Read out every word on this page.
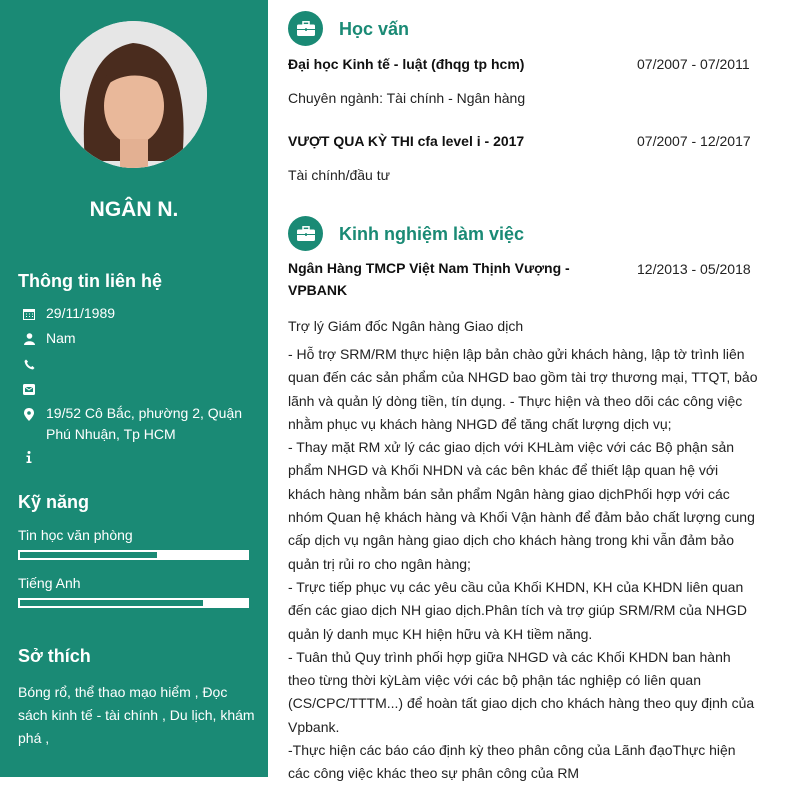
NGÂN N.
Thông tin liên hệ
29/11/1989
Nam
19/52 Cô Bắc, phường 2, Quận Phú Nhuận, Tp HCM
Kỹ năng
Tin học văn phòng
Tiếng Anh
Sở thích
Bóng rổ, thể thao mạo hiểm , Đọc sách kinh tế - tài chính , Du lịch, khám phá ,
Học vấn
Đại học Kinh tế - luật (đhqg tp hcm)	07/2007 - 07/2011
Chuyên ngành: Tài chính - Ngân hàng
VƯỢT QUA KỲ THI cfa level i - 2017	07/2007 - 12/2017
Tài chính/đầu tư
Kinh nghiệm làm việc
Ngân Hàng TMCP Việt Nam Thịnh Vượng - VPBANK
12/2013 - 05/2018
Trợ lý Giám đốc Ngân hàng Giao dịch

- Hỗ trợ SRM/RM thực hiện lập bản chào gửi khách hàng, lập tờ trình liên quan đến các sản phẩm của NHGD bao gồm tài trợ thương mại, TTQT, bảo lãnh và quản lý dòng tiền, tín dụng. - Thực hiện và theo dõi các công việc nhằm phục vụ khách hàng NHGD để tăng chất lượng dịch vụ;

- Thay mặt RM xử lý các giao dịch với KHLàm việc với các Bộ phận sản phẩm NHGD và Khối NHDN và các bên khác để thiết lập quan hệ với khách hàng nhằm bán sản phẩm Ngân hàng giao dịchPhối hợp với các nhóm Quan hệ khách hàng và Khối Vận hành để đảm bảo chất lượng cung cấp dịch vụ ngân hàng giao dịch cho khách hàng trong khi vẫn đảm bảo quản trị rủi ro cho ngân hàng;

- Trực tiếp phục vụ các yêu cầu của Khối KHDN, KH của KHDN liên quan đến các giao dịch NH giao dịch.Phân tích và trợ giúp SRM/RM của NHGD quản lý danh mục KH hiện hữu và KH tiềm năng.

- Tuân thủ Quy trình phối hợp giữa NHGD và các Khối KHDN ban hành theo từng thời kỳLàm việc với các bộ phận tác nghiệp có liên quan (CS/CPC/TTTM...) để hoàn tất giao dịch cho khách hàng theo quy định của Vpbank.

-Thực hiện các báo cáo định kỳ theo phân công của Lãnh đạoThực hiện các công việc khác theo sự phân công của RM
